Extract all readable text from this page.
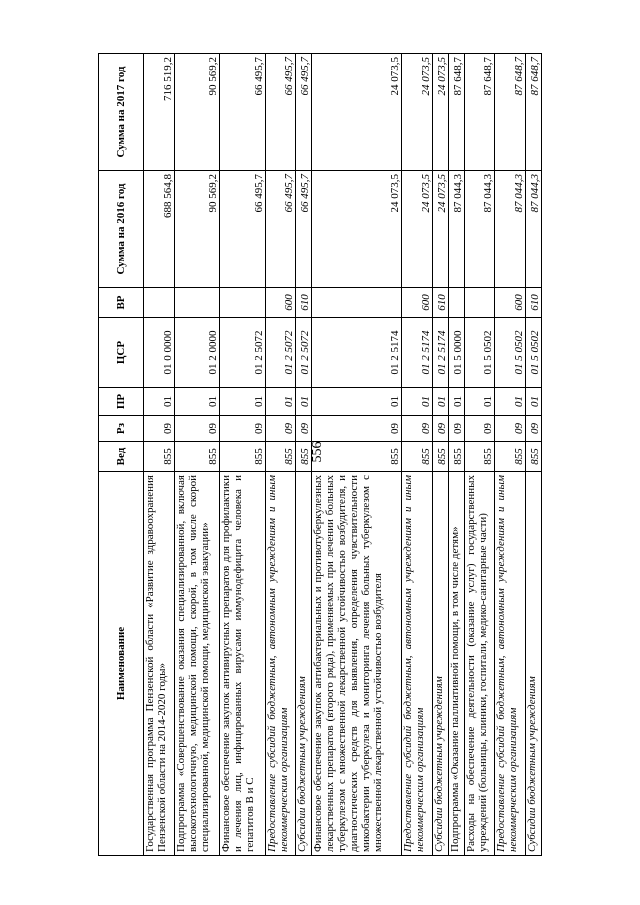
556
Наименование	Вед	Рз	ПР	ЦСР	ВР	Сумма на 2016 год	Сумма на 2017 год
Государственная программа Пензенской области «Развитие здравоохранения Пензенской области на 2014-2020 годы»	855	09	01	01 0 0000		688 564,8	716 519,2
Подпрограмма «Совершенствование оказания специализированной, включая высокотехнологичную, медицинской помощи, скорой, в том числе скорой специализированной, медицинской помощи, медицинской эвакуации»	855	09	01	01 2 0000		90 569,2	90 569,2
Финансовое обеспечение закупок антивирусных препаратов для профилактики и лечения лиц, инфицированных вирусами иммунодефицита человека и гепатитов В и С	855	09	01	01 2 5072		66 495,7	66 495,7
Предоставление субсидий бюджетным, автономным учреждениям и иным некоммерческим организациям	855	09	01	01 2 5072	600	66 495,7	66 495,7
Субсидии бюджетным учреждениям	855	09	01	01 2 5072	610	66 495,7	66 495,7
Финансовое обеспечение закупок антибактериальных и противотуберкулезных лекарственных препаратов (второго ряда), применяемых при лечении больных туберкулезом с множественной лекарственной устойчивостью возбудителя, и диагностических средств для выявления, определения чувствительности микобактерии туберкулеза и мониторинга лечения больных туберкулезом с множественной лекарственной устойчивостью возбудителя	855	09	01	01 2 5174		24 073,5	24 073,5
Предоставление субсидий бюджетным, автономным учреждениям и иным некоммерческим организациям	855	09	01	01 2 5174	600	24 073,5	24 073,5
Субсидии бюджетным учреждениям	855	09	01	01 2 5174	610	24 073,5	24 073,5
Подпрограмма «Оказание паллиативной помощи, в том числе детям»	855	09	01	01 5 0000		87 044,3	87 648,7
Расходы на обеспечение деятельности (оказание услуг) государственных учреждений (больницы, клиники, госпитали, медико-санитарные части)	855	09	01	01 5 0502		87 044,3	87 648,7
Предоставление субсидий бюджетным, автономным учреждениям и иным некоммерческим организациям	855	09	01	01 5 0502	600	87 044,3	87 648,7
Субсидии бюджетным учреждениям	855	09	01	01 5 0502	610	87 044,3	87 648,7
